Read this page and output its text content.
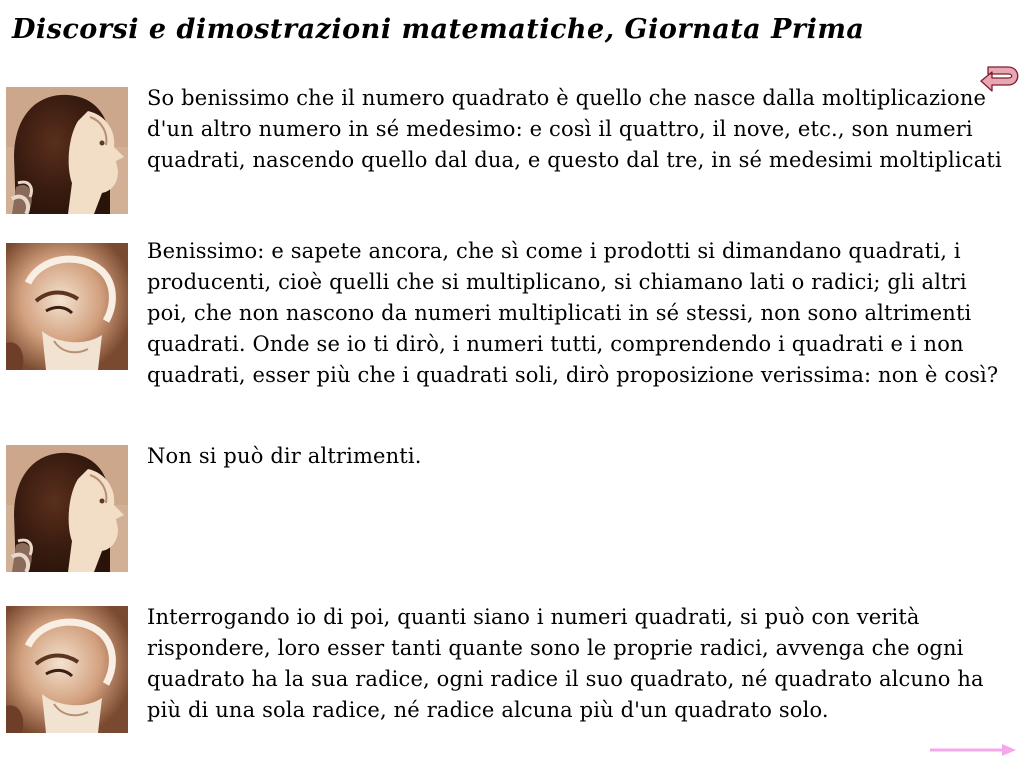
Discorsi e dimostrazioni matematiche, Giornata Prima

So benissimo che il numero quadrato è quello che nasce dalla moltiplicazione d'un altro numero in sé medesimo: e così il quattro, il nove, etc., son numeri quadrati, nascendo quello dal dua, e questo dal tre, in sé medesimi moltiplicati

Benissimo: e sapete ancora, che sì come i prodotti si dimandano quadrati, i producenti, cioè quelli che si multiplicano, si chiamano lati o radici; gli altri poi, che non nascono da numeri multiplicati in sé stessi, non sono altrimenti quadrati. Onde se io ti dirò, i numeri tutti, comprendendo i quadrati e i non quadrati, esser più che i quadrati soli, dirò proposizione verissima: non è così?

Non si può dir altrimenti.

Interrogando io di poi, quanti siano i numeri quadrati, si può con verità rispondere, loro esser tanti quante sono le proprie radici, avvenga che ogni quadrato ha la sua radice, ogni radice il suo quadrato, né quadrato alcuno ha più di una sola radice, né radice alcuna più d'un quadrato solo.
